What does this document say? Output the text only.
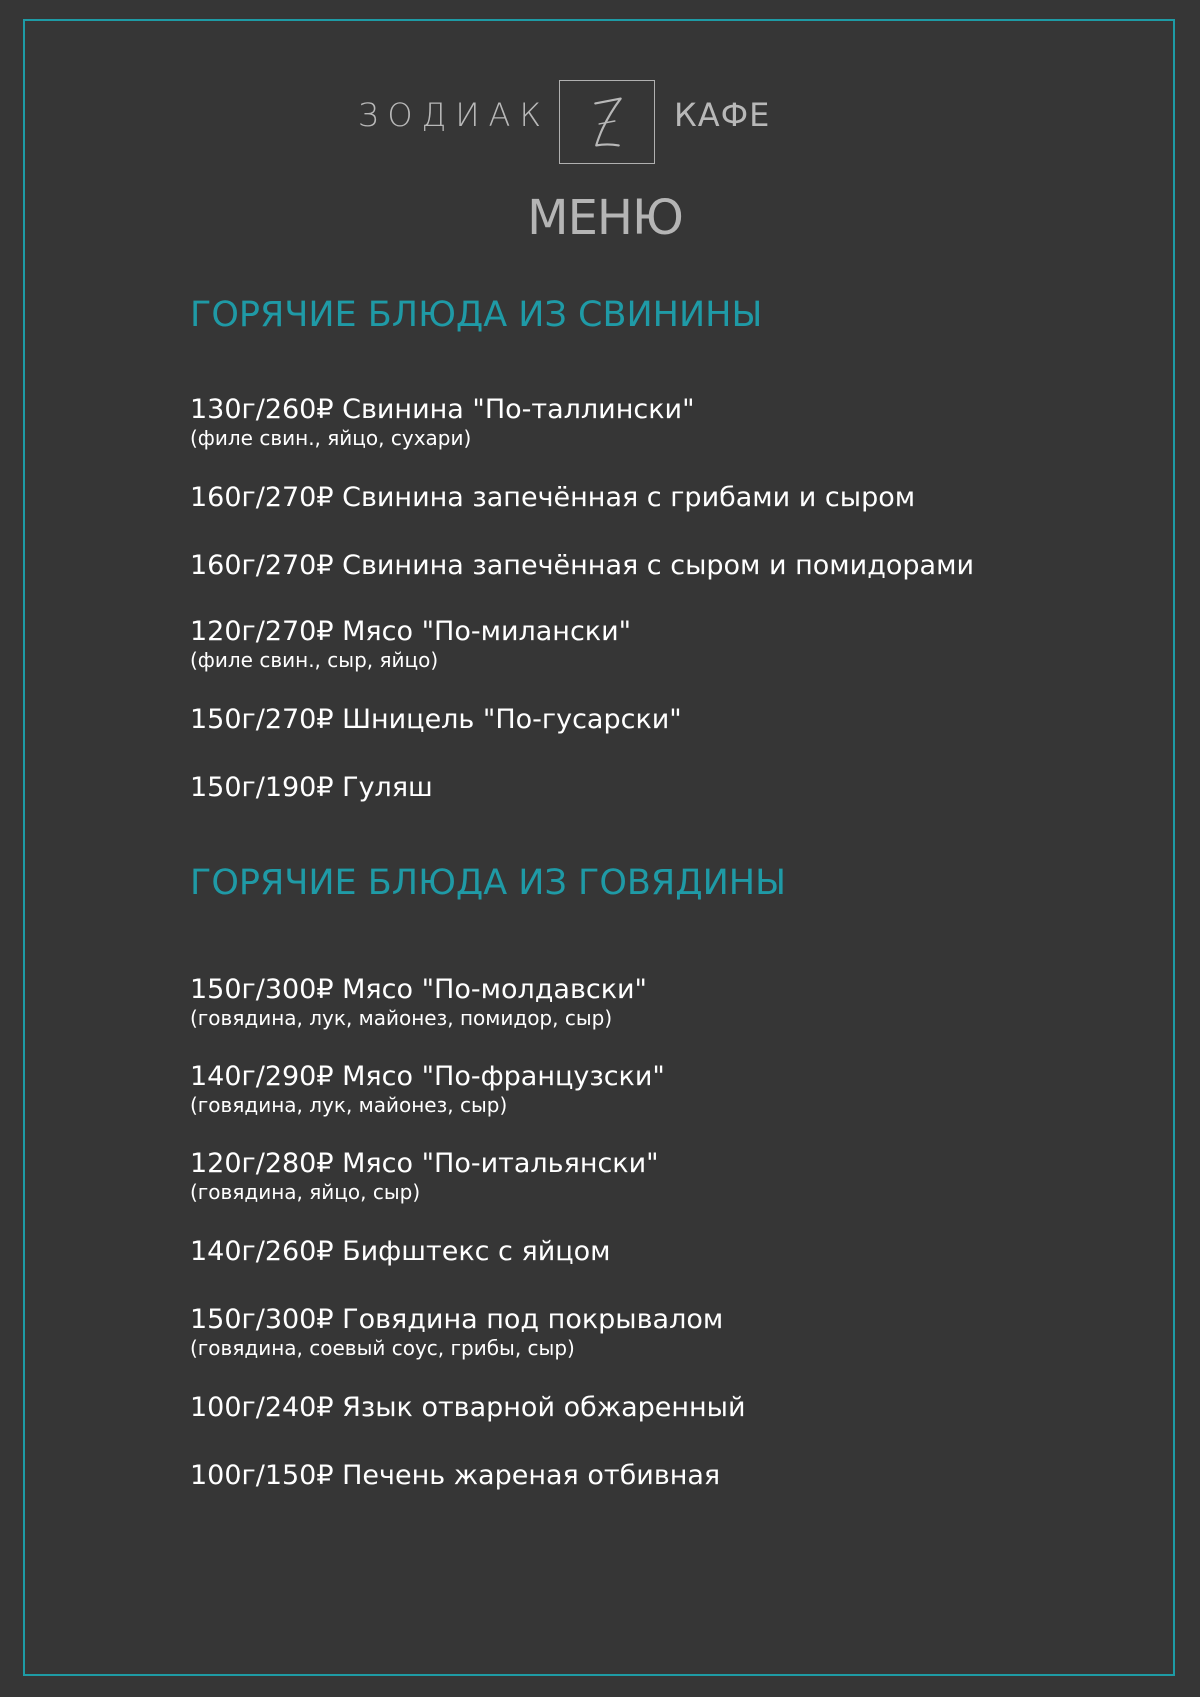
ЗОДИАК
Z
КАФЕ
МЕНЮ
ГОРЯЧИЕ БЛЮДА ИЗ СВИНИНЫ
130г/260₽ Свинина "По-таллински"
(филе свин., яйцо, сухари)
160г/270₽ Свинина запечённая с грибами и сыром
160г/270₽ Свинина запечённая с сыром и помидорами
120г/270₽ Мясо "По-милански"
(филе свин., сыр, яйцо)
150г/270₽ Шницель "По-гусарски"
150г/190₽ Гуляш
ГОРЯЧИЕ БЛЮДА ИЗ ГОВЯДИНЫ
150г/300₽ Мясо "По-молдавски"
(говядина, лук, майонез, помидор, сыр)
140г/290₽ Мясо "По-французски"
(говядина, лук, майонез, сыр)
120г/280₽ Мясо "По-итальянски"
(говядина, яйцо, сыр)
140г/260₽ Бифштекс с яйцом
150г/300₽ Говядина под покрывалом
(говядина, соевый соус, грибы, сыр)
100г/240₽ Язык отварной обжаренный
100г/150₽ Печень жареная отбивная
